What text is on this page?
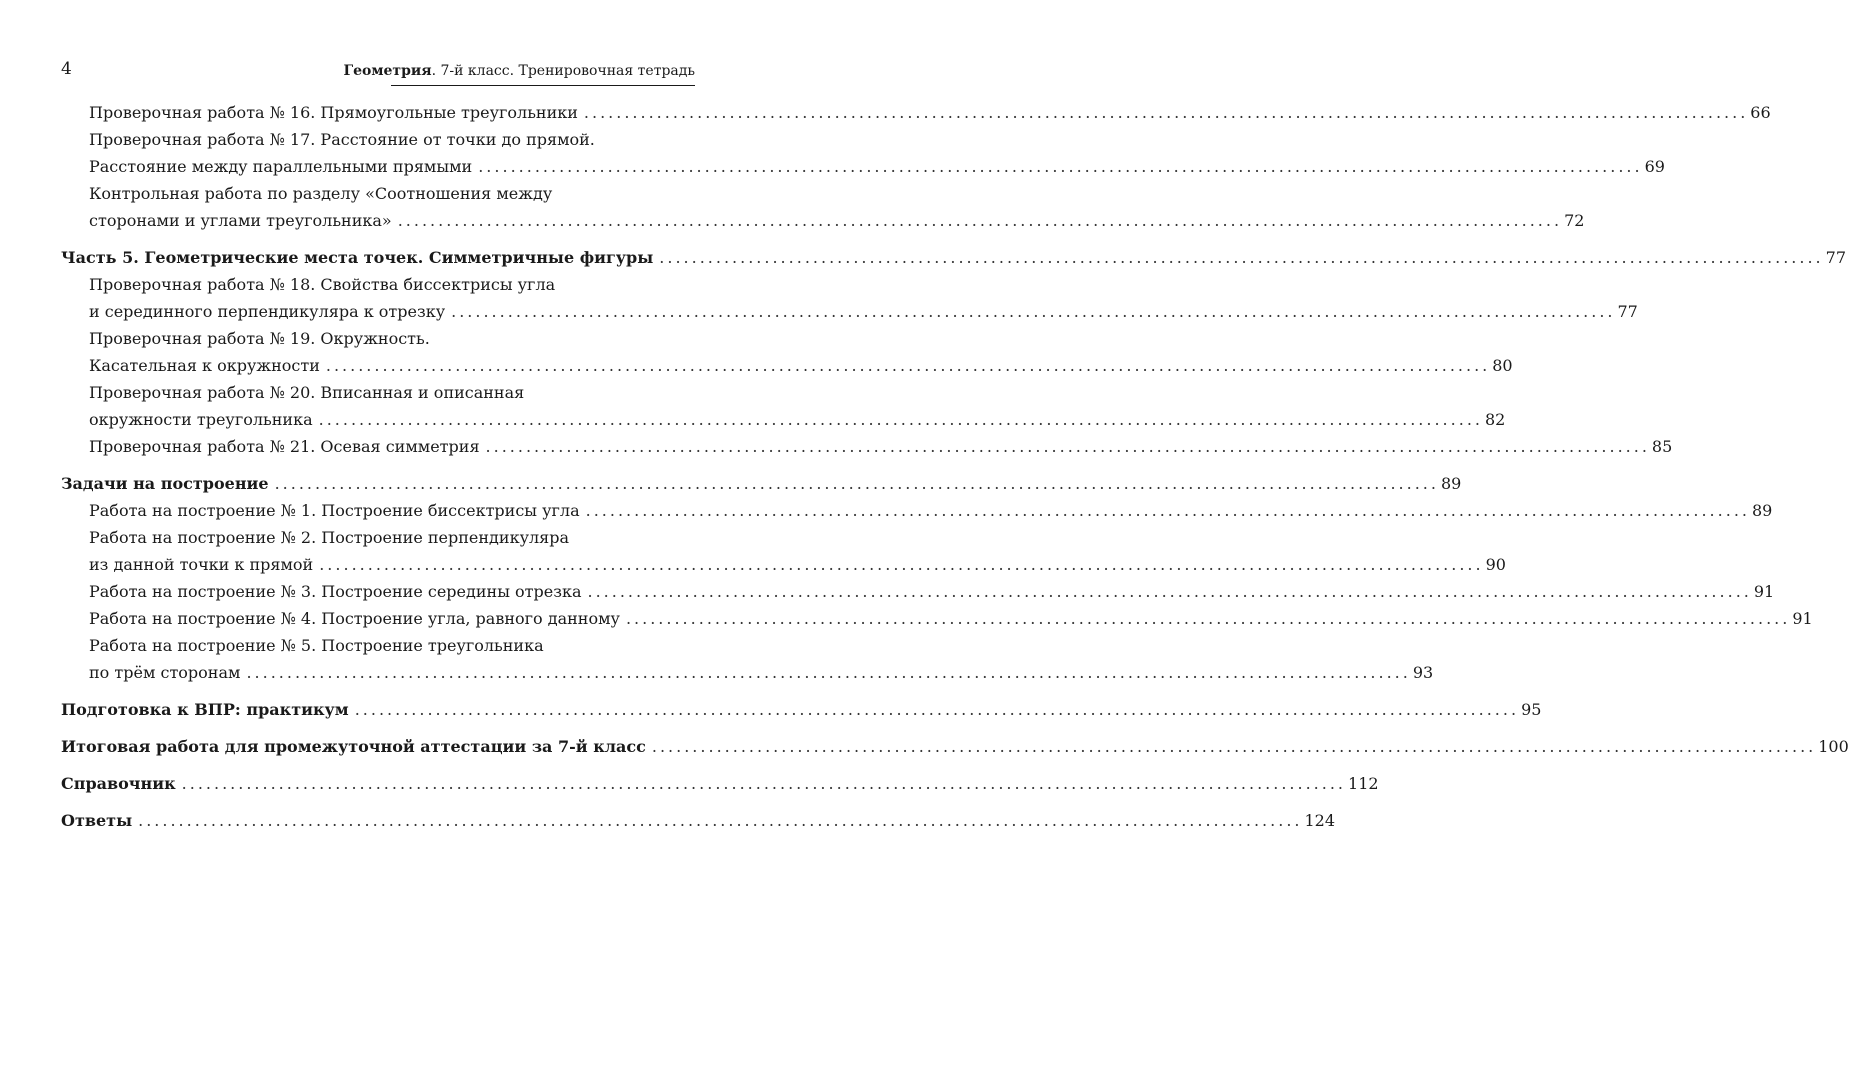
4	Геометрия. 7-й класс. Тренировочная тетрадь
Проверочная работа № 16. Прямоугольные треугольники ................................................................................................................................................ 66
Проверочная работа № 17. Расстояние от точки до прямой.
Расстояние между параллельными прямыми ................................................................................................................................................ 69
Контрольная работа по разделу «Соотношения между
сторонами и углами треугольника» ................................................................................................................................................ 72
Часть 5. Геометрические места точек. Симметричные фигуры ................................................................................................................................................ 77
Проверочная работа № 18. Свойства биссектрисы угла
и серединного перпендикуляра к отрезку ................................................................................................................................................ 77
Проверочная работа № 19. Окружность.
Касательная к окружности ................................................................................................................................................ 80
Проверочная работа № 20. Вписанная и описанная
окружности треугольника ................................................................................................................................................ 82
Проверочная работа № 21. Осевая симметрия ................................................................................................................................................ 85
Задачи на построение ................................................................................................................................................ 89
Работа на построение № 1. Построение биссектрисы угла ................................................................................................................................................ 89
Работа на построение № 2. Построение перпендикуляра
из данной точки к прямой ................................................................................................................................................ 90
Работа на построение № 3. Построение середины отрезка ................................................................................................................................................ 91
Работа на построение № 4. Построение угла, равного данному ................................................................................................................................................ 91
Работа на построение № 5. Построение треугольника
по трём сторонам ................................................................................................................................................ 93
Подготовка к ВПР: практикум ................................................................................................................................................ 95
Итоговая работа для промежуточной аттестации за 7-й класс ................................................................................................................................................ 100
Справочник ................................................................................................................................................ 112
Ответы ................................................................................................................................................ 124
